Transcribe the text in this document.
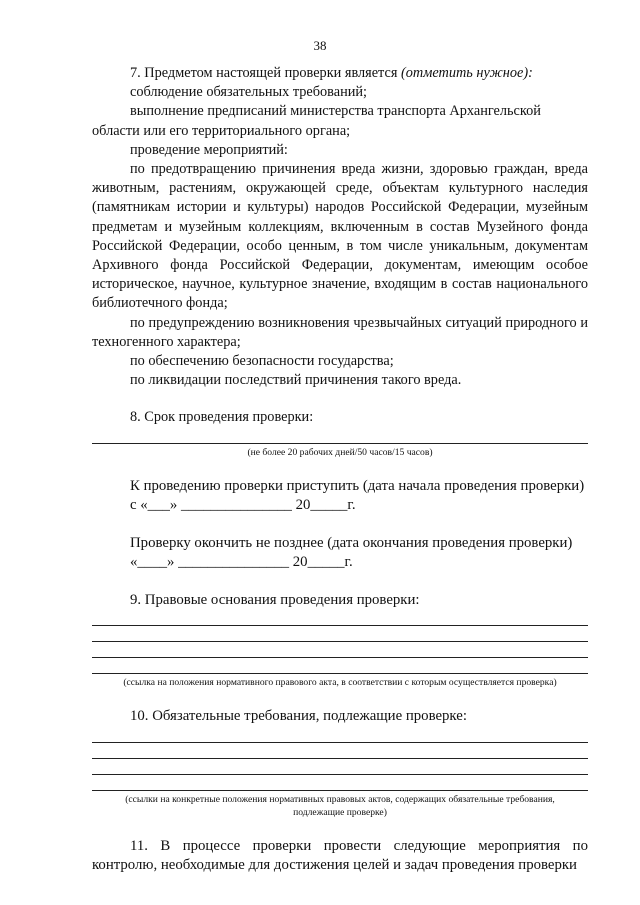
38

7. Предметом настоящей проверки является (отметить нужное):

соблюдение обязательных требований;

выполнение предписаний министерства транспорта Архангельской

области или его территориального органа;

проведение мероприятий:

по предотвращению причинения вреда жизни, здоровью граждан, вреда животным, растениям, окружающей среде, объектам культурного наследия (памятникам истории и культуры) народов Российской Федерации, музейным предметам и музейным коллекциям, включенным в состав Музейного фонда Российской Федерации, особо ценным, в том числе уникальным, документам Архивного фонда Российской Федерации, документам, имеющим особое историческое, научное, культурное значение, входящим в состав национального библиотечного фонда;

по предупреждению возникновения чрезвычайных ситуаций природного и техногенного характера;

по обеспечению безопасности государства;

по ликвидации последствий причинения такого вреда.

8. Срок проведения проверки:

(не более 20 рабочих дней/50 часов/15 часов)

К проведению проверки приступить (дата начала проведения проверки)

с «___» _______________ 20_____г.

Проверку окончить не позднее (дата окончания проведения проверки)

«____» _______________ 20_____г.

9. Правовые основания проведения проверки:

(ссылка на положения нормативного правового акта, в соответствии с которым осуществляется проверка)

10. Обязательные требования, подлежащие проверке:

(ссылки на конкретные положения нормативных правовых актов, содержащих обязательные требования,
подлежащие проверке)

11. В процессе проверки провести следующие мероприятия по контролю, необходимые для достижения целей и задач проведения проверки
